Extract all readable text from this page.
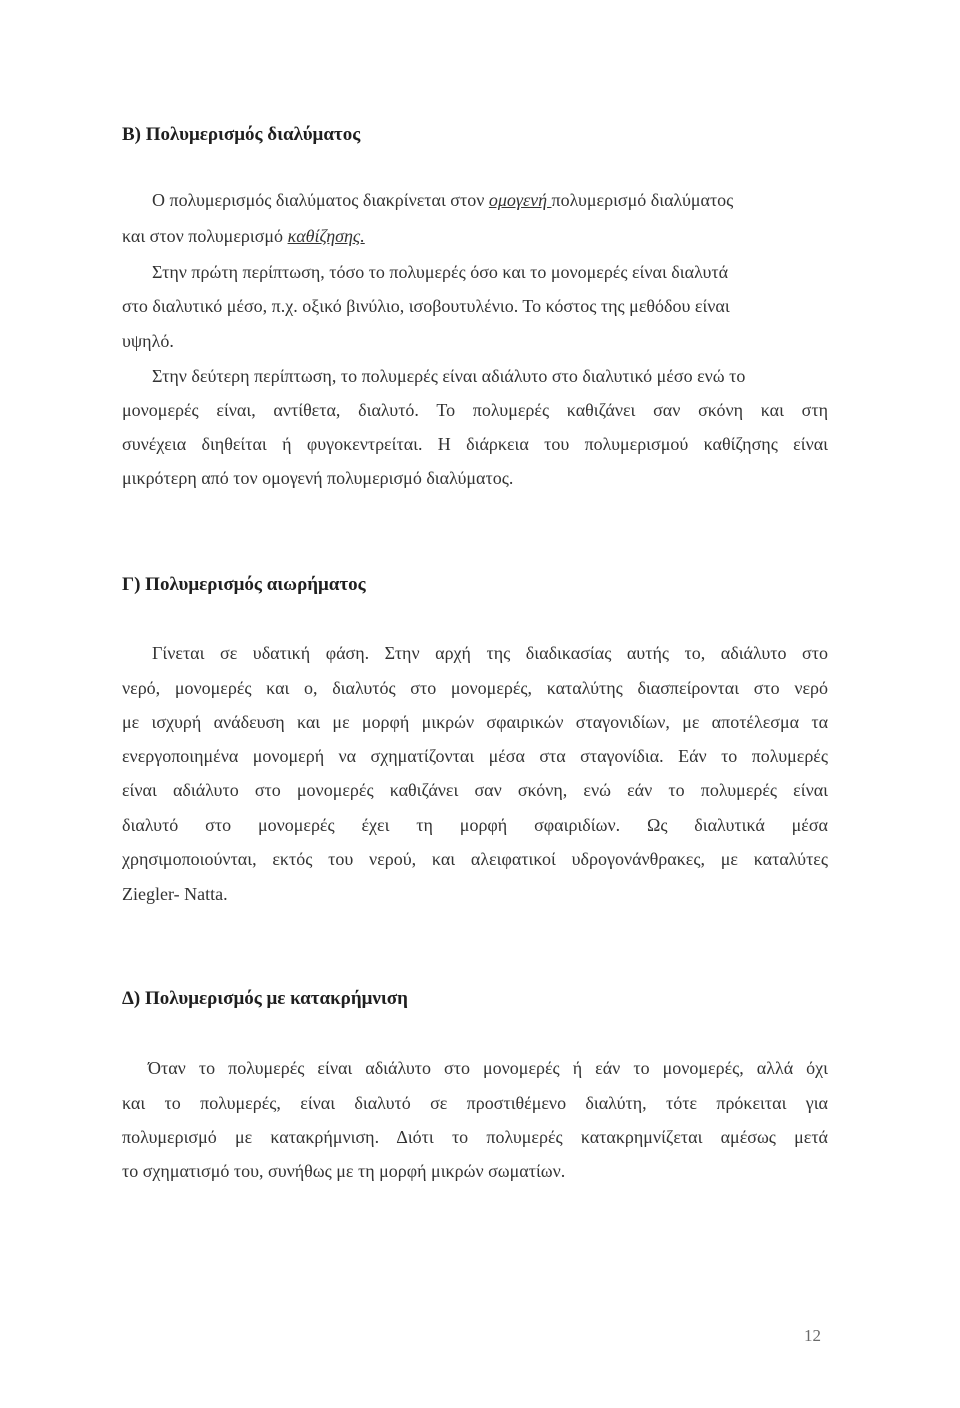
Β) Πολυμερισμός διαλύματος
Ο πολυμερισμός διαλύματος διακρίνεται στον ομογενή πολυμερισμό διαλύματος
και στον πολυμερισμό καθίζησης.
Στην πρώτη περίπτωση, τόσο το πολυμερές όσο και το μονομερές είναι διαλυτά
στο διαλυτικό μέσο, π.χ. οξικό βινύλιο, ισοβουτυλένιο. Το κόστος της μεθόδου είναι
υψηλό.
Στην δεύτερη περίπτωση, το πολυμερές είναι αδιάλυτο στο διαλυτικό μέσο ενώ το
μονομερές είναι, αντίθετα, διαλυτό. Το πολυμερές καθιζάνει σαν σκόνη και στη
συνέχεια διηθείται ή φυγοκεντρείται. Η διάρκεια του πολυμερισμού καθίζησης είναι
μικρότερη από τον ομογενή πολυμερισμό διαλύματος.
Γ) Πολυμερισμός αιωρήματος
Γίνεται σε υδατική φάση. Στην αρχή της διαδικασίας αυτής το, αδιάλυτο στο
νερό, μονομερές και ο, διαλυτός στο μονομερές, καταλύτης διασπείρονται στο νερό
με ισχυρή ανάδευση και με μορφή μικρών σφαιρικών σταγονιδίων, με αποτέλεσμα τα
ενεργοποιημένα μονομερή να σχηματίζονται μέσα στα σταγονίδια. Εάν το πολυμερές
είναι αδιάλυτο στο μονομερές καθιζάνει σαν σκόνη, ενώ εάν το πολυμερές είναι
διαλυτό στο μονομερές έχει τη μορφή σφαιριδίων. Ως διαλυτικά μέσα
χρησιμοποιούνται, εκτός του νερού, και αλειφατικοί υδρογονάνθρακες, με καταλύτες
Ziegler- Natta.
Δ) Πολυμερισμός με κατακρήμνιση
Όταν το πολυμερές είναι αδιάλυτο στο μονομερές ή εάν το μονομερές, αλλά όχι
και το πολυμερές, είναι διαλυτό σε προστιθέμενο διαλύτη, τότε πρόκειται για
πολυμερισμό με κατακρήμνιση. Διότι το πολυμερές κατακρημνίζεται αμέσως μετά
το σχηματισμό του, συνήθως με τη μορφή μικρών σωματίων.
12
